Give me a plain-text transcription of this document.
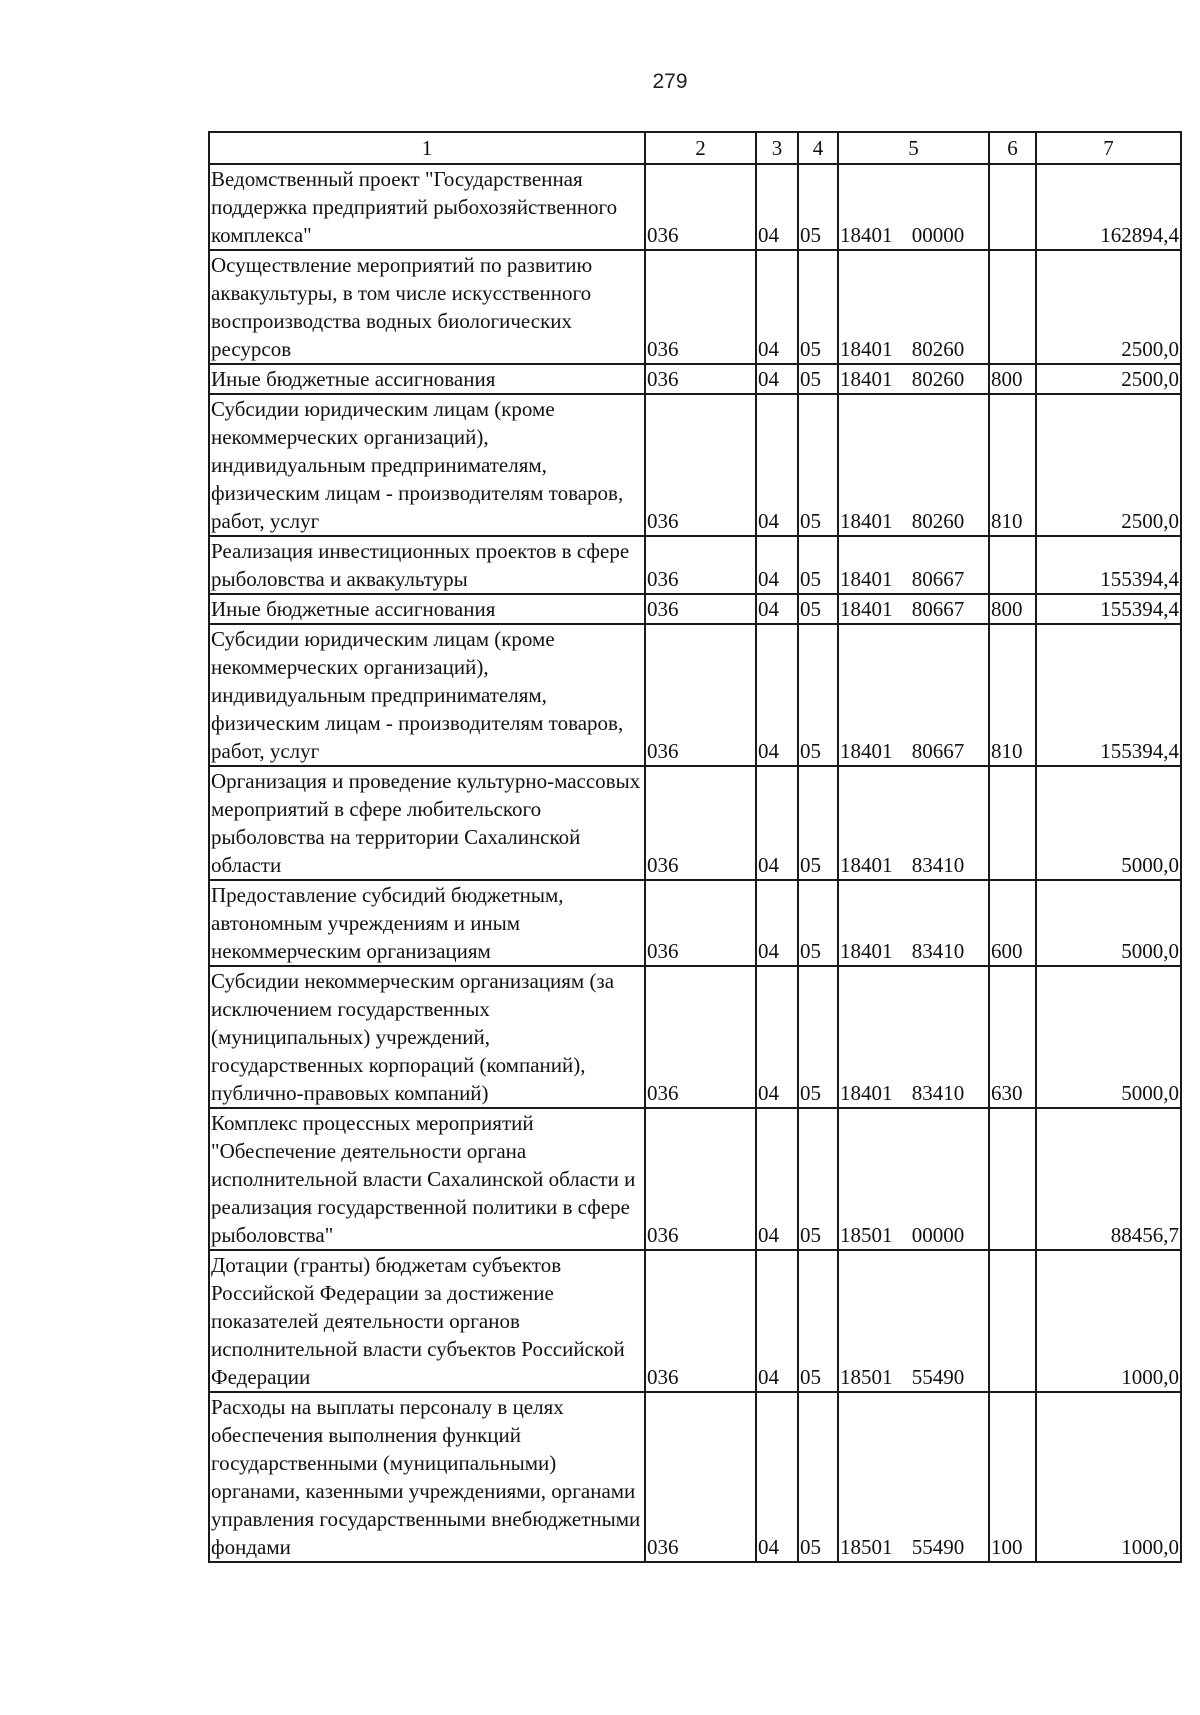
279
1	2	3	4	5	6	7
Ведомственный проект "Государственная поддержка предприятий рыбохозяйственного комплекса"	036	04	05	18401 00000		162894,4
Осуществление мероприятий по развитию аквакультуры, в том числе искусственного воспроизводства водных биологических ресурсов	036	04	05	18401 80260		2500,0
Иные бюджетные ассигнования	036	04	05	18401 80260	800	2500,0
Субсидии юридическим лицам (кроме некоммерческих организаций), индивидуальным предпринимателям, физическим лицам - производителям товаров, работ, услуг	036	04	05	18401 80260	810	2500,0
Реализация инвестиционных проектов в сфере рыболовства и аквакультуры	036	04	05	18401 80667		155394,4
Иные бюджетные ассигнования	036	04	05	18401 80667	800	155394,4
Субсидии юридическим лицам (кроме некоммерческих организаций), индивидуальным предпринимателям, физическим лицам - производителям товаров, работ, услуг	036	04	05	18401 80667	810	155394,4
Организация и проведение культурно-массовых мероприятий в сфере любительского рыболовства на территории Сахалинской области	036	04	05	18401 83410		5000,0
Предоставление субсидий бюджетным, автономным учреждениям и иным некоммерческим организациям	036	04	05	18401 83410	600	5000,0
Субсидии некоммерческим организациям (за исключением государственных (муниципальных) учреждений, государственных корпораций (компаний), публично-правовых компаний)	036	04	05	18401 83410	630	5000,0
Комплекс процессных мероприятий "Обеспечение деятельности органа исполнительной власти Сахалинской области и реализация государственной политики в сфере рыболовства"	036	04	05	18501 00000		88456,7
Дотации (гранты) бюджетам субъектов Российской Федерации за достижение показателей деятельности органов исполнительной власти субъектов Российской Федерации	036	04	05	18501 55490		1000,0
Расходы на выплаты персоналу в целях обеспечения выполнения функций государственными (муниципальными) органами, казенными учреждениями, органами управления государственными внебюджетными фондами	036	04	05	18501 55490	100	1000,0
